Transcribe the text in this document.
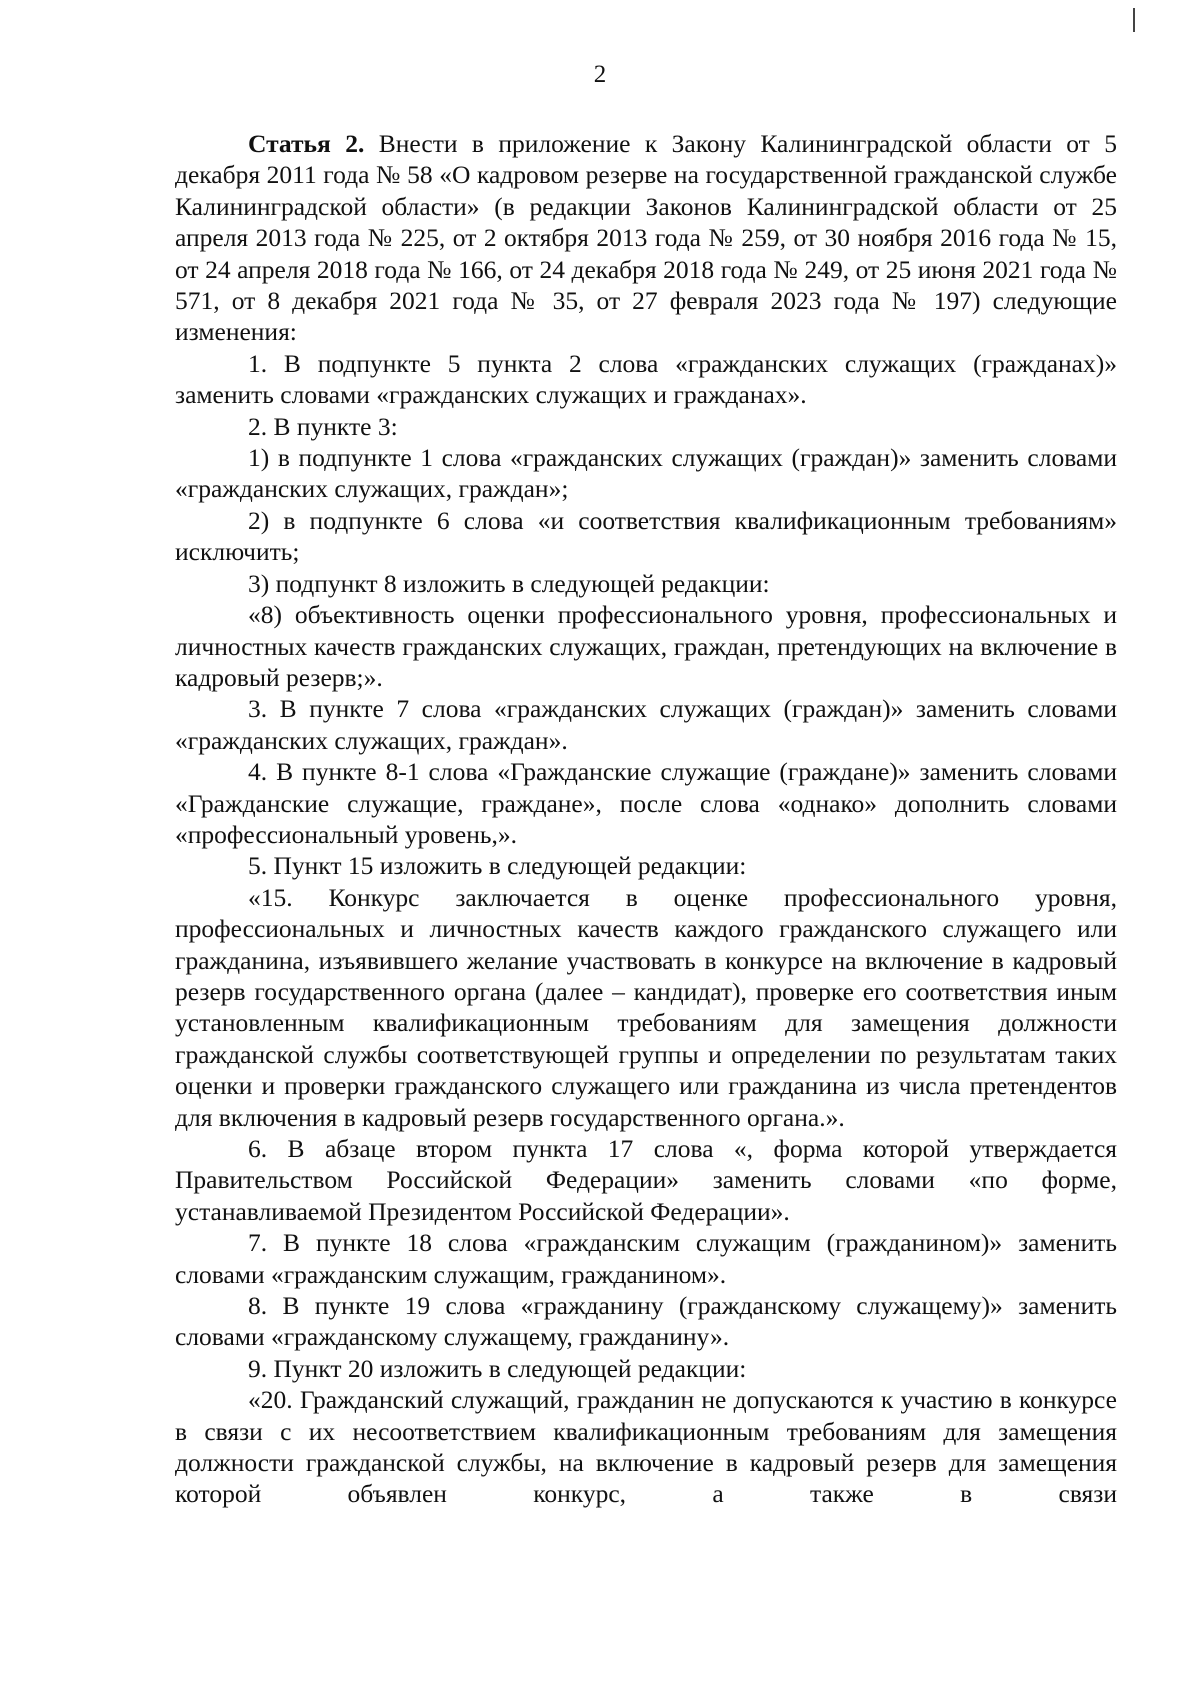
2

Статья 2. Внести в приложение к Закону Калининградской области от 5 декабря 2011 года № 58 «О кадровом резерве на государственной гражданской службе Калининградской области» (в редакции Законов Калининградской области от 25 апреля 2013 года № 225, от 2 октября 2013 года № 259, от 30 ноября 2016 года № 15, от 24 апреля 2018 года № 166, от 24 декабря 2018 года № 249, от 25 июня 2021 года № 571, от 8 декабря 2021 года № 35, от 27 февраля 2023 года № 197) следующие изменения:

1. В подпункте 5 пункта 2 слова «гражданских служащих (гражданах)» заменить словами «гражданских служащих и гражданах».

2. В пункте 3:

1) в подпункте 1 слова «гражданских служащих (граждан)» заменить словами «гражданских служащих, граждан»;

2) в подпункте 6 слова «и соответствия квалификационным требованиям» исключить;

3) подпункт 8 изложить в следующей редакции:

«8) объективность оценки профессионального уровня, профессиональных и личностных качеств гражданских служащих, граждан, претендующих на включение в кадровый резерв;».

3. В пункте 7 слова «гражданских служащих (граждан)» заменить словами «гражданских служащих, граждан».

4. В пункте 8-1 слова «Гражданские служащие (граждане)» заменить словами «Гражданские служащие, граждане», после слова «однако» дополнить словами «профессиональный уровень,».

5. Пункт 15 изложить в следующей редакции:

«15. Конкурс заключается в оценке профессионального уровня, профессиональных и личностных качеств каждого гражданского служащего или гражданина, изъявившего желание участвовать в конкурсе на включение в кадровый резерв государственного органа (далее – кандидат), проверке его соответствия иным установленным квалификационным требованиям для замещения должности гражданской службы соответствующей группы и определении по результатам таких оценки и проверки гражданского служащего или гражданина из числа претендентов для включения в кадровый резерв государственного органа.».

6. В абзаце втором пункта 17 слова «, форма которой утверждается Правительством Российской Федерации» заменить словами «по форме, устанавливаемой Президентом Российской Федерации».

7. В пункте 18 слова «гражданским служащим (гражданином)» заменить словами «гражданским служащим, гражданином».

8. В пункте 19 слова «гражданину (гражданскому служащему)» заменить словами «гражданскому служащему, гражданину».

9. Пункт 20 изложить в следующей редакции:

«20. Гражданский служащий, гражданин не допускаются к участию в конкурсе в связи с их несоответствием квалификационным требованиям для замещения должности гражданской службы, на включение в кадровый резерв для замещения которой объявлен конкурс, а также в связи
